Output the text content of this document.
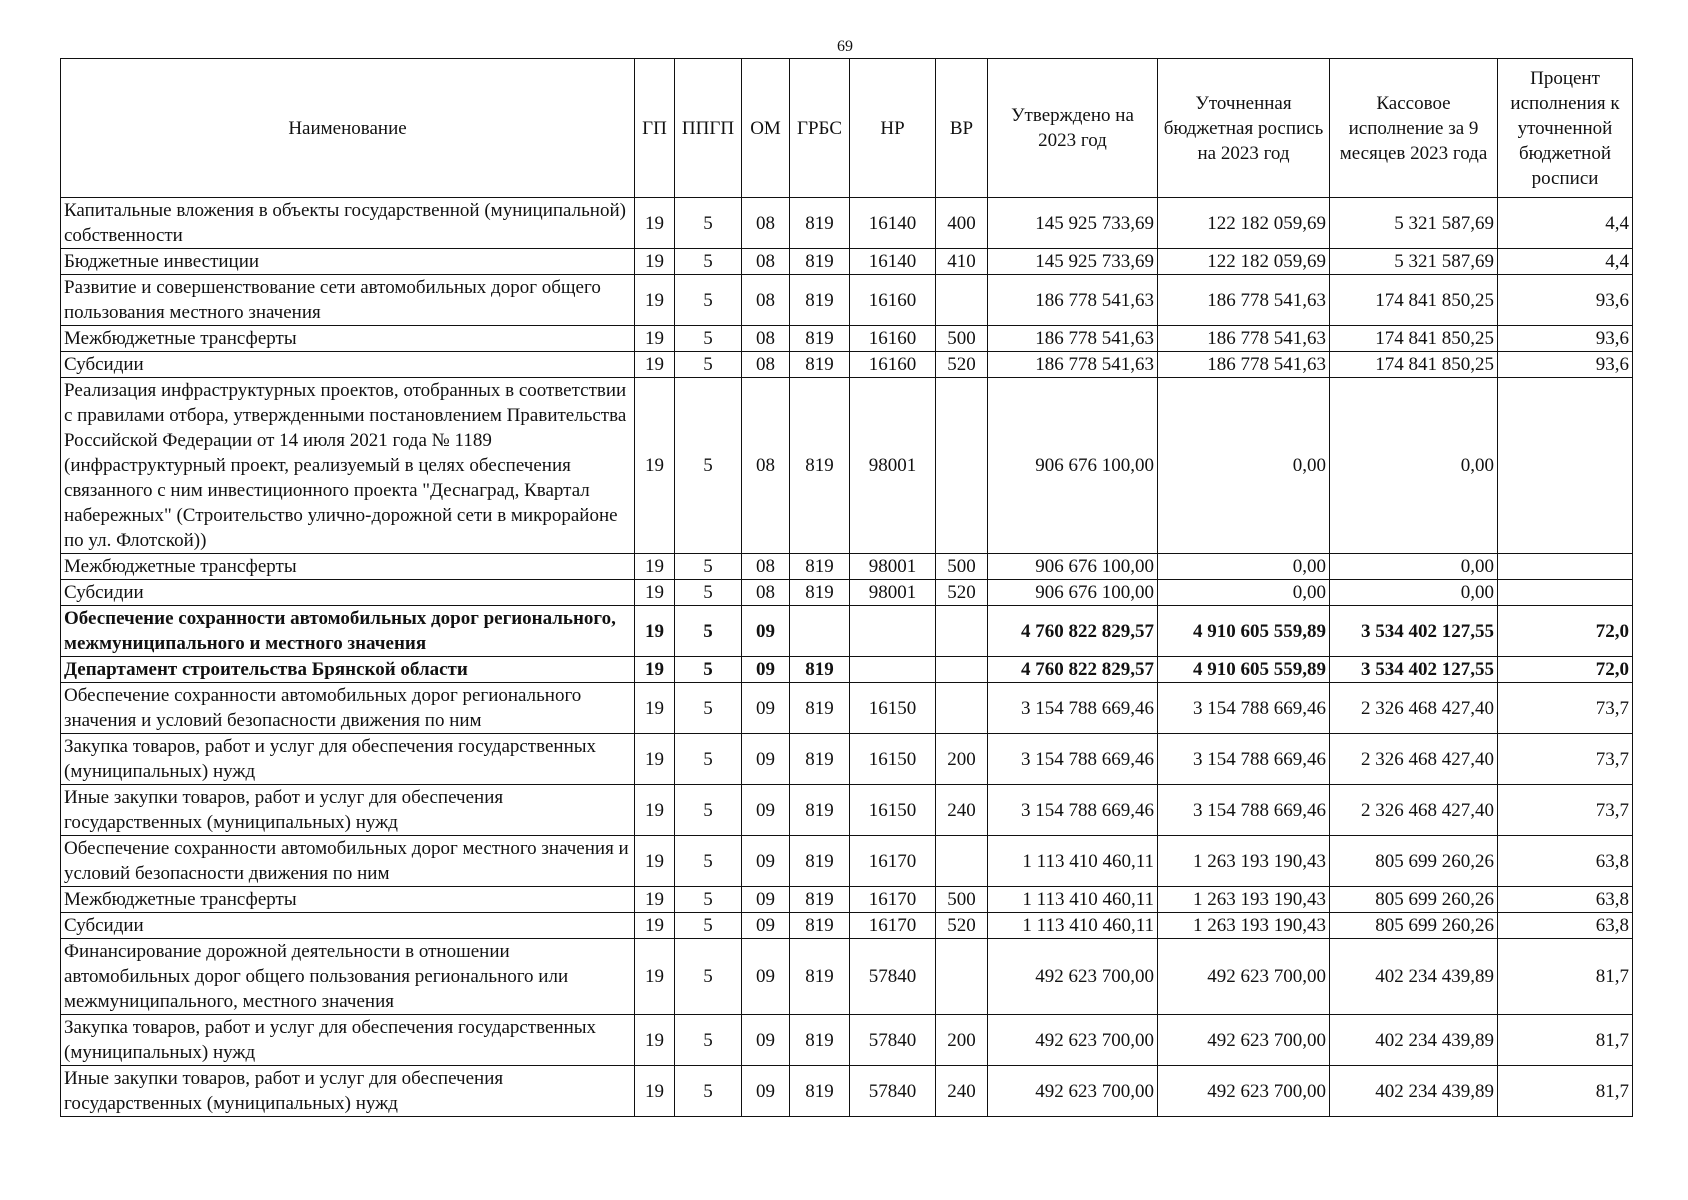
69
Наименование	ГП	ППГП	ОМ	ГРБС	НР	ВР	Утверждено на 2023 год	Уточненная бюджетная роспись на 2023 год	Кассовое исполнение за 9 месяцев 2023 года	Процент исполнения к уточненной бюджетной росписи
Капитальные вложения в объекты государственной (муниципальной) собственности	19	5	08	819	16140	400	145 925 733,69	122 182 059,69	5 321 587,69	4,4
Бюджетные инвестиции	19	5	08	819	16140	410	145 925 733,69	122 182 059,69	5 321 587,69	4,4
Развитие и совершенствование сети автомобильных дорог общего пользования местного значения	19	5	08	819	16160		186 778 541,63	186 778 541,63	174 841 850,25	93,6
Межбюджетные трансферты	19	5	08	819	16160	500	186 778 541,63	186 778 541,63	174 841 850,25	93,6
Субсидии	19	5	08	819	16160	520	186 778 541,63	186 778 541,63	174 841 850,25	93,6
Реализация инфраструктурных проектов, отобранных в соответствии с правилами отбора, утвержденными постановлением Правительства Российской Федерации от 14 июля 2021 года № 1189 (инфраструктурный проект, реализуемый в целях обеспечения связанного с ним инвестиционного проекта "Деснаград, Квартал набережных" (Строительство улично-дорожной сети в микрорайоне по ул. Флотской))	19	5	08	819	98001		906 676 100,00	0,00	0,00	
Межбюджетные трансферты	19	5	08	819	98001	500	906 676 100,00	0,00	0,00	
Субсидии	19	5	08	819	98001	520	906 676 100,00	0,00	0,00	
Обеспечение сохранности автомобильных дорог регионального, межмуниципального и местного значения	19	5	09				4 760 822 829,57	4 910 605 559,89	3 534 402 127,55	72,0
Департамент строительства Брянской области	19	5	09	819			4 760 822 829,57	4 910 605 559,89	3 534 402 127,55	72,0
Обеспечение сохранности автомобильных дорог регионального значения и условий безопасности движения по ним	19	5	09	819	16150		3 154 788 669,46	3 154 788 669,46	2 326 468 427,40	73,7
Закупка товаров, работ и услуг для обеспечения государственных (муниципальных) нужд	19	5	09	819	16150	200	3 154 788 669,46	3 154 788 669,46	2 326 468 427,40	73,7
Иные закупки товаров, работ и услуг для обеспечения государственных (муниципальных) нужд	19	5	09	819	16150	240	3 154 788 669,46	3 154 788 669,46	2 326 468 427,40	73,7
Обеспечение сохранности автомобильных дорог местного значения и условий безопасности движения по ним	19	5	09	819	16170		1 113 410 460,11	1 263 193 190,43	805 699 260,26	63,8
Межбюджетные трансферты	19	5	09	819	16170	500	1 113 410 460,11	1 263 193 190,43	805 699 260,26	63,8
Субсидии	19	5	09	819	16170	520	1 113 410 460,11	1 263 193 190,43	805 699 260,26	63,8
Финансирование дорожной деятельности в отношении автомобильных дорог общего пользования регионального или межмуниципального, местного значения	19	5	09	819	57840		492 623 700,00	492 623 700,00	402 234 439,89	81,7
Закупка товаров, работ и услуг для обеспечения государственных (муниципальных) нужд	19	5	09	819	57840	200	492 623 700,00	492 623 700,00	402 234 439,89	81,7
Иные закупки товаров, работ и услуг для обеспечения государственных (муниципальных) нужд	19	5	09	819	57840	240	492 623 700,00	492 623 700,00	402 234 439,89	81,7
